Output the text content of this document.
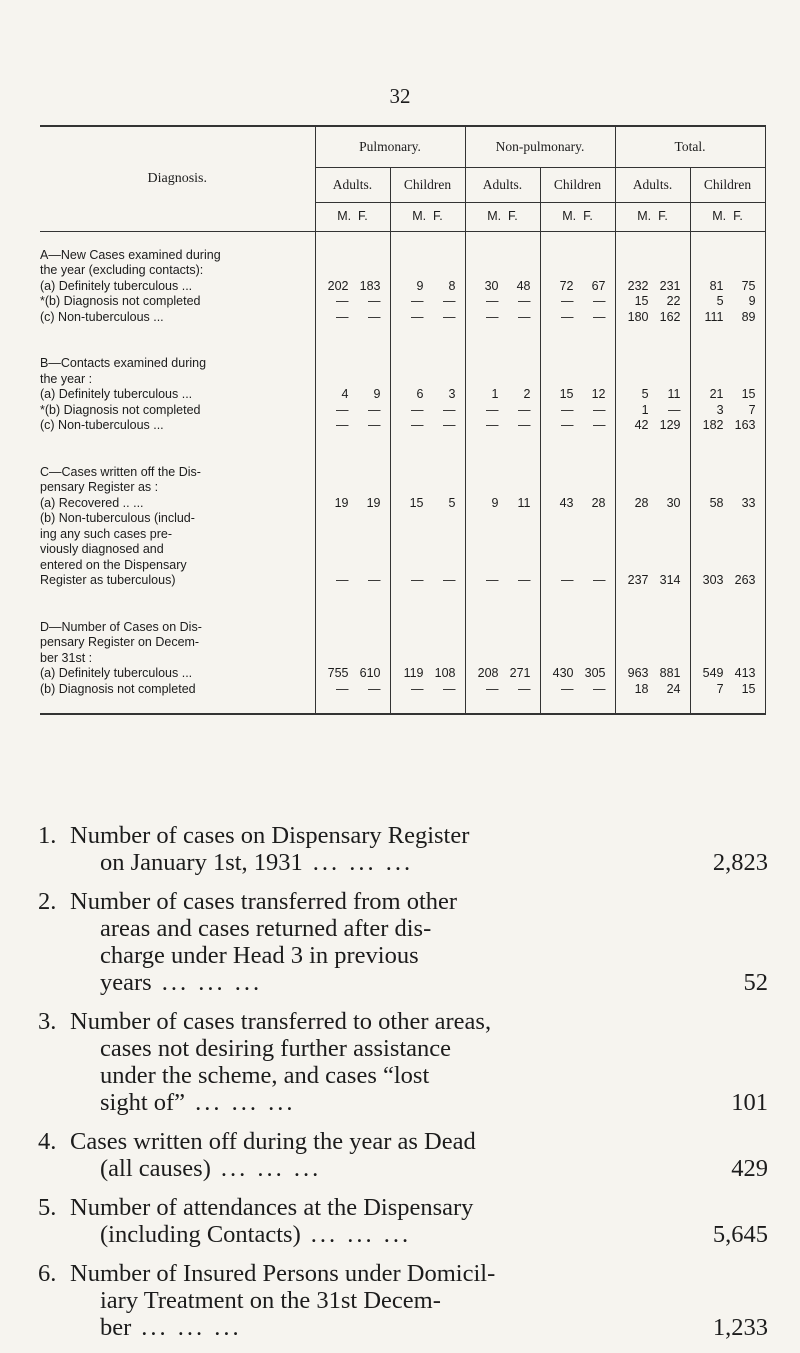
32
Diagnosis.	Pulmonary.		Non-pulmonary.		Total.	
	Adults.	Children	Adults.	Children	Adults.	Children
	M. F.	M. F.	M. F.	M. F.	M. F.	M. F.

A—New Cases examined during						
the year (excluding contacts):						
(a) Definitely tuberculous ...	202 183	9 8	30 48	72 67	232 231	81 75
*(b) Diagnosis not completed	— —	— —	— —	— —	15 22	5 9
(c) Non-tuberculous ...	— —	— —	— —	— —	180 162	111 89

B—Contacts examined during						
the year :						
(a) Definitely tuberculous ...	4 9	6 3	1 2	15 12	5 11	21 15
*(b) Diagnosis not completed	— —	— —	— —	— —	1 —	3 7
(c) Non-tuberculous ...	— —	— —	— —	— —	42 129	182 163

C—Cases written off the Dis-						
pensary Register as :						
(a) Recovered .. ...	19 19	15 5	9 11	43 28	28 30	58 33
(b) Non-tuberculous (includ-						
ing any such cases pre-						
viously diagnosed and						
entered on the Dispensary						
Register as tuberculous)	— —	— —	— —	— —	237 314	303 263

D—Number of Cases on Dis-						
pensary Register on Decem-						
ber 31st :						
(a) Definitely tuberculous ...	755 610	119 108	208 271	430 305	963 881	549 413
(b) Diagnosis not completed	— —	— —	— —	— —	18 24	7 15

1. Number of cases on Dispensary Register
on January 1st, 1931 ... ... ...	2,823
2. Number of cases transferred from other
areas and cases returned after dis-
charge under Head 3 in previous
years ... ... ...	52
3. Number of cases transferred to other areas,
cases not desiring further assistance
under the scheme, and cases “lost
sight of” ... ... ...	101
4. Cases written off during the year as Dead
(all causes) ... ... ...	429
5. Number of attendances at the Dispensary
(including Contacts) ... ... ...	5,645
6. Number of Insured Persons under Domicil-
iary Treatment on the 31st Decem-
ber ... ... ...	1,233
